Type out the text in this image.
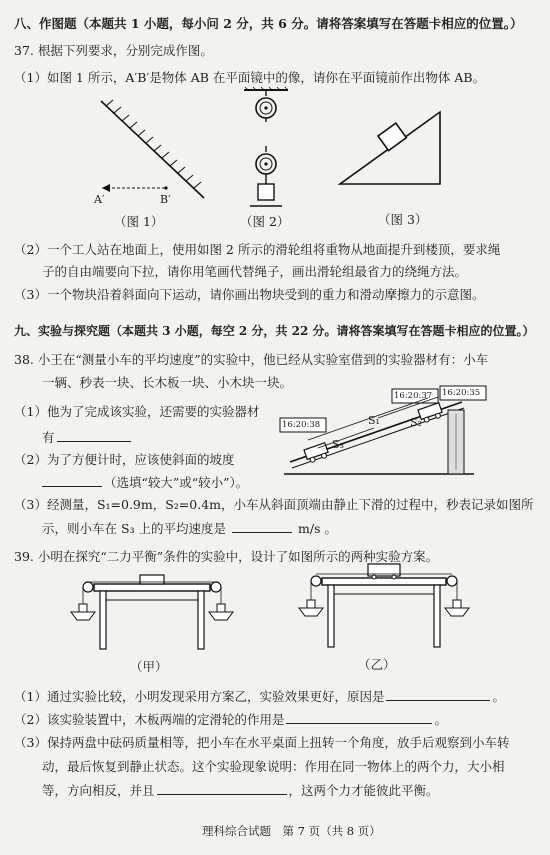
八、作图题（本题共 1 小题，每小问 2 分，共 6 分。请将答案填写在答题卡相应的位置。）
37. 根据下列要求，分别完成作图。
（1）如图 1 所示，A′B′是物体 AB 在平面镜中的像，请你在平面镜前作出物体 AB。
A′	B′
（图 1）	（图 2）	（图 3）
（2）一个工人站在地面上，使用如图 2 所示的滑轮组将重物从地面提升到楼顶，要求绳
子的自由端要向下拉，请你用笔画代替绳子，画出滑轮组最省力的绕绳方法。
（3）一个物块沿着斜面向下运动，请你画出物块受到的重力和滑动摩擦力的示意图。
九、实验与探究题（本题共 3 小题，每空 2 分，共 22 分。请将答案填写在答题卡相应的位置。）
38. 小王在“测量小车的平均速度”的实验中，他已经从实验室借到的实验器材有：小车
一辆、秒表一块、长木板一块、小木块一块。
（1）他为了完成该实验，还需要的实验器材
有
（2）为了方便计时，应该使斜面的坡度
（选填“较大”或“较小”）。
16:20:38
16:20:37 16:20:35
S₁	S₂
S₃
（3）经测量，S₁=0.9m，S₂=0.4m，小车从斜面顶端由静止下滑的过程中，秒表记录如图所
示，则小车在 S₃ 上的平均速度是	m/s 。
39. 小明在探究“二力平衡”条件的实验中，设计了如图所示的两种实验方案。
（甲）	（乙）
（1）通过实验比较，小明发现采用方案乙，实验效果更好，原因是	。
（2）该实验装置中，木板两端的定滑轮的作用是	。
（3）保持两盘中砝码质量相等，把小车在水平桌面上扭转一个角度，放手后观察到小车转
动，最后恢复到静止状态。这个实验现象说明：作用在同一物体上的两个力，大小相
等，方向相反，并且	，这两个力才能彼此平衡。
理科综合试题　第 7 页（共 8 页）
